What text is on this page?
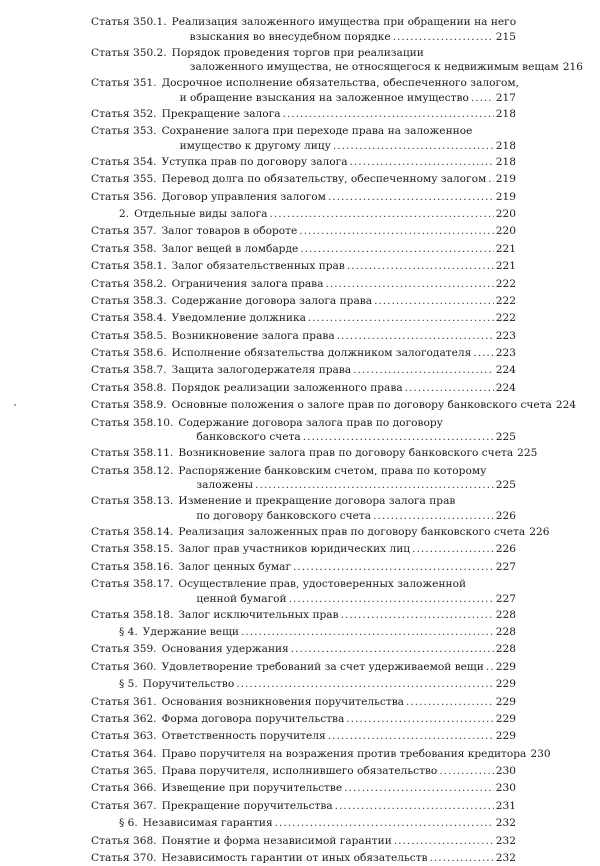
Статья 350.1. Реализация заложенного имущества при обращении на него
взыскания во внесудебном порядке .....	215
Статья 350.2. Порядок проведения торгов при реализации
заложенного имущества, не относящегося к недвижимым вещам 216
Статья 351. Досрочное исполнение обязательства, обеспеченного залогом,
и обращение взыскания на заложенное имущество .....	217
Статья 352. Прекращение залога .....	218
Статья 353. Сохранение залога при переходе права на заложенное
имущество к другому лицу .....	218
Статья 354. Уступка прав по договору залога .....	218
Статья 355. Перевод долга по обязательству, обеспеченному залогом ..... 219
Статья 356. Договор управления залогом .....	219
2. Отдельные виды залога .....	220
Статья 357. Залог товаров в обороте .....	220
Статья 358. Залог вещей в ломбарде .....	221
Статья 358.1. Залог обязательственных прав .....	221
Статья 358.2. Ограничения залога права .....	222
Статья 358.3. Содержание договора залога права .....	222
Статья 358.4. Уведомление должника .....	222
Статья 358.5. Возникновение залога права .....	223
Статья 358.6. Исполнение обязательства должником залогодателя ..... 223
Статья 358.7. Защита залогодержателя права .....	224
Статья 358.8. Порядок реализации заложенного права .....	224
Статья 358.9. Основные положения о залоге прав по договору банковского счета 224
Статья 358.10. Содержание договора залога прав по договору
банковского счета .....	225
Статья 358.11. Возникновение залога прав по договору банковского счета 225
Статья 358.12. Распоряжение банковским счетом, права по которому
заложены .....	225
Статья 358.13. Изменение и прекращение договора залога прав
по договору банковского счета .....	226
Статья 358.14. Реализация заложенных прав по договору банковского счета 226
Статья 358.15. Залог прав участников юридических лиц .....	226
Статья 358.16. Залог ценных бумаг .....	227
Статья 358.17. Осуществление прав, удостоверенных заложенной
ценной бумагой .....	227
Статья 358.18. Залог исключительных прав .....	228
§ 4. Удержание вещи .....	228
Статья 359. Основания удержания .....	228
Статья 360. Удовлетворение требований за счет удерживаемой вещи ..... 229
§ 5. Поручительство .....	229
Статья 361. Основания возникновения поручительства .....	229
Статья 362. Форма договора поручительства .....	229
Статья 363. Ответственность поручителя .....	229
Статья 364. Право поручителя на возражения против требования кредитора 230
Статья 365. Права поручителя, исполнившего обязательство .....	230
Статья 366. Извещение при поручительстве .....	230
Статья 367. Прекращение поручительства .....	231
§ 6. Независимая гарантия .....	232
Статья 368. Понятие и форма независимой гарантии .....	232
Статья 370. Независимость гарантии от иных обязательств .....	232
